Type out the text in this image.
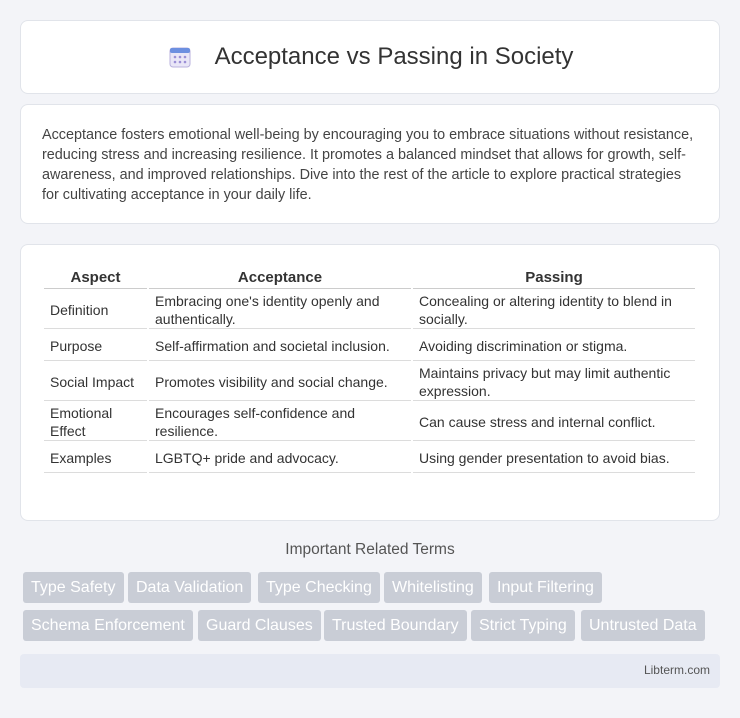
Acceptance vs Passing in Society

Acceptance fosters emotional well-being by encouraging you to embrace situations without resistance, reducing stress and increasing resilience. It promotes a balanced mindset that allows for growth, self-awareness, and improved relationships. Dive into the rest of the article to explore practical strategies for cultivating acceptance in your daily life.

Aspect	Acceptance	Passing
Definition	Embracing one's identity openly and authentically.	Concealing or altering identity to blend in socially.
Purpose	Self-affirmation and societal inclusion.	Avoiding discrimination or stigma.
Social Impact	Promotes visibility and social change.	Maintains privacy but may limit authentic expression.
Emotional Effect	Encourages self-confidence and resilience.	Can cause stress and internal conflict.
Examples	LGBTQ+ pride and advocacy.	Using gender presentation to avoid bias.
Important Related Terms
Type Safety	Data Validation	Type Checking	Whitelisting	Input Filtering
Schema Enforcement	Guard Clauses	Trusted Boundary	Strict Typing	Untrusted Data
Libterm.com
